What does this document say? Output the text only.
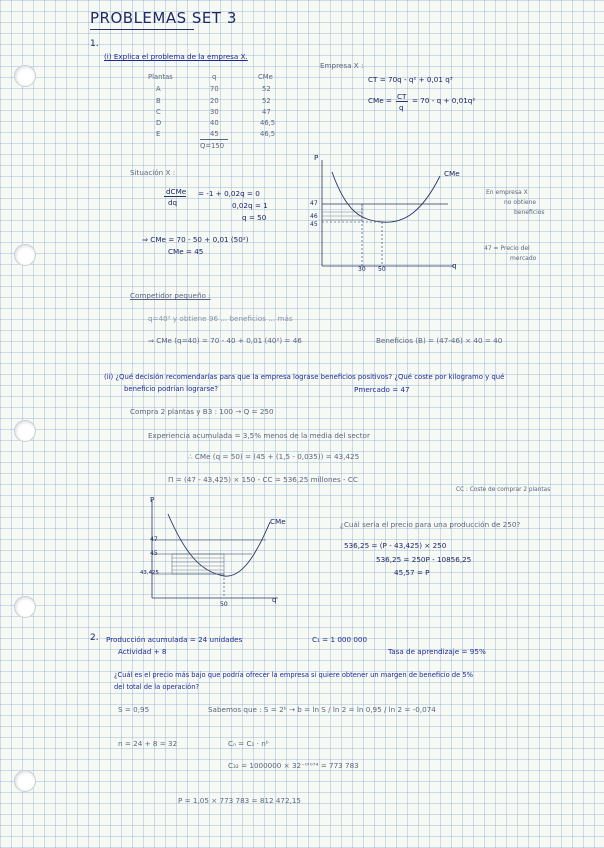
PROBLEMAS SET 3
1.
(i) Explica el problema de la empresa X.
Plantas	q	CMe
A	70	52
B	20	52
C	30	47
D	40	46,5
E	45	46,5
Q=150
Empresa X :
CT = 70q - q² + 0,01 q³
CMe = CT
q
= 70 - q + 0,01q²
Situación X :
dCMe
dq
= -1 + 0,02q = 0
0,02q = 1
q = 50
⇒ CMe = 70 - 50 + 0,01 (50²)
CMe = 45
P
q
CMe
47
46
45
30 50
En empresa X
no obtiene
beneficios
47 = Precio del
mercado
Competidor pequeño :
q=40² y obtiene 96 ... beneficios ... más
⇒ CMe (q=40) = 70 - 40 + 0,01 (40²) = 46	Beneficios (B) = (47-46) × 40 = 40
(ii) ¿Qué decisión recomendarías para que la empresa lograse beneficios positivos? ¿Qué coste por kilogramo y qué
beneficio podrían lograrse?	Pmercado = 47
Compra 2 plantas y B3 : 100 → Q = 250
Experiencia acumulada = 3,5% menos de la media del sector
∴ CMe (q = 50) = (45 + (1,5 - 0,035)) = 43,425
Π = (47 - 43,425) × 150 - CC = 536,25 millones - CC
CC : Coste de comprar 2 plantas
P
q
CMe
47
45
43,425
50
¿Cuál sería el precio para una producción de 250?
536,25 = (P - 43,425) × 250
536,25 = 250P - 10856,25
45,57 = P
2. Producción acumulada = 24 unidades
Actividad + 8
C₁ = 1 000 000
Tasa de aprendizaje = 95%
¿Cuál es el precio más bajo que podría ofrecer la empresa si quiere obtener un margen de beneficio de 5%
del total de la operación?
S = 0,95	Sabemos que : S = 2ᵇ → b = ln S / ln 2 = ln 0,95 / ln 2 = -0,074
n = 24 + 8 = 32	Cₙ = C₁ · nᵇ
C₃₂ = 1000000 × 32⁻⁰'⁰⁷⁴ = 773 783
P = 1,05 × 773 783 = 812 472,15
